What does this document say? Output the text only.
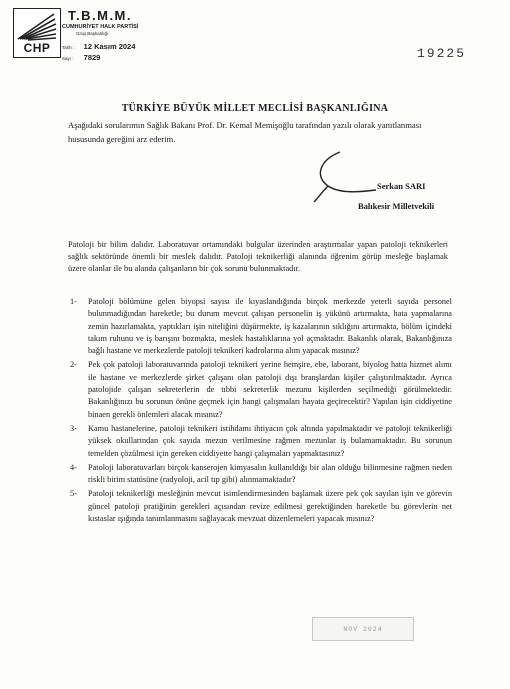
CHP
T.B.M.M.
CUMHURİYET HALK PARTİSİ
Grup Başkanlığı
Tarih : 12 Kasım 2024
Sayı : 7829	19225
TÜRKİYE BÜYÜK MİLLET MECLİSİ BAŞKANLIĞINA
Aşağıdaki sorularımın Sağlık Bakanı Prof. Dr. Kemal Memişoğlu tarafından yazılı olarak yanıtlanması hususunda gereğini arz ederim.
Serkan SARI
Balıkesir Milletvekili
Patoloji bir bilim dalıdır. Laboratuvar ortamındaki bulgular üzerinden araştırmalar yapan patoloji teknikerleri sağlık sektöründe önemli bir meslek dalıdır. Patoloji teknikerliği alanında öğrenim görüp mesleğe başlamak üzere olanlar ile bu alanda çalışanların bir çok sorunu bulunmaktadır.
1- Patoloji bölümüne gelen biyopsi sayısı ile kıyaslandığında birçok merkezde yeterli sayıda personel bulunmadığından hareketle; bu durum mevcut çalışan personelin iş yükünü artırmakta, hata yapmalarına zemin hazırlamakta, yaptıkları işin niteliğini düşürmekte, iş kazalarının sıklığını artırmakta, bölüm içindeki takım ruhunu ve iş barışını bozmakta, meslek hastalıklarına yol açmaktadır. Bakanlık olarak, Bakanlığınıza bağlı hastane ve merkezlerde patoloji teknikeri kadrolarına alım yapacak mısınız?
2- Pek çok patoloji laboratuvarında patoloji teknikeri yerine hemşire, ebe, laborant, biyolog hatta hizmet alımı ile hastane ve merkezlerde şirket çalışanı olan patoloji dışı branşlardan kişiler çalıştırılmaktadır. Ayrıca patolojide çalışan sekreterlerin de tıbbi sekreterlik mezunu kişilerden seçilmediği görülmektedir. Bakanlığınızı bu sorunun önüne geçmek için hangi çalışmaları hayata geçirecektir? Yapılan işin ciddiyetine binaen gerekli önlemleri alacak mısınız?
3- Kamu hastanelerine, patoloji teknikeri istihdamı ihtiyacın çok altında yapılmaktadır ve patoloji teknikerliği yüksek okullarından çok sayıda mezun verilmesine rağmen mezunlar iş bulamamaktadır. Bu sorunun temelden çözülmesi için gereken ciddiyette hangi çalışmaları yapmaktasınız?
4- Patoloji laboratuvarları birçok kanserojen kimyasalın kullanıldığı bir alan olduğu bilinmesine rağmen neden riskli birim statüsüne (radyoloji, acil tıp gibi) alınmamaktadır?
5- Patoloji teknikerliği mesleğinin mevcut isimlendirmesinden başlamak üzere pek çok sayılan işin ve görevin güncel patoloji pratiğinin gerekleri açısından revize edilmesi gerektiğinden hareketle bu görevlerin net kıstaslar ışığında tanımlanmasını sağlayacak mevzuat düzenlemeleri yapacak mısınız?
NOV 2024
